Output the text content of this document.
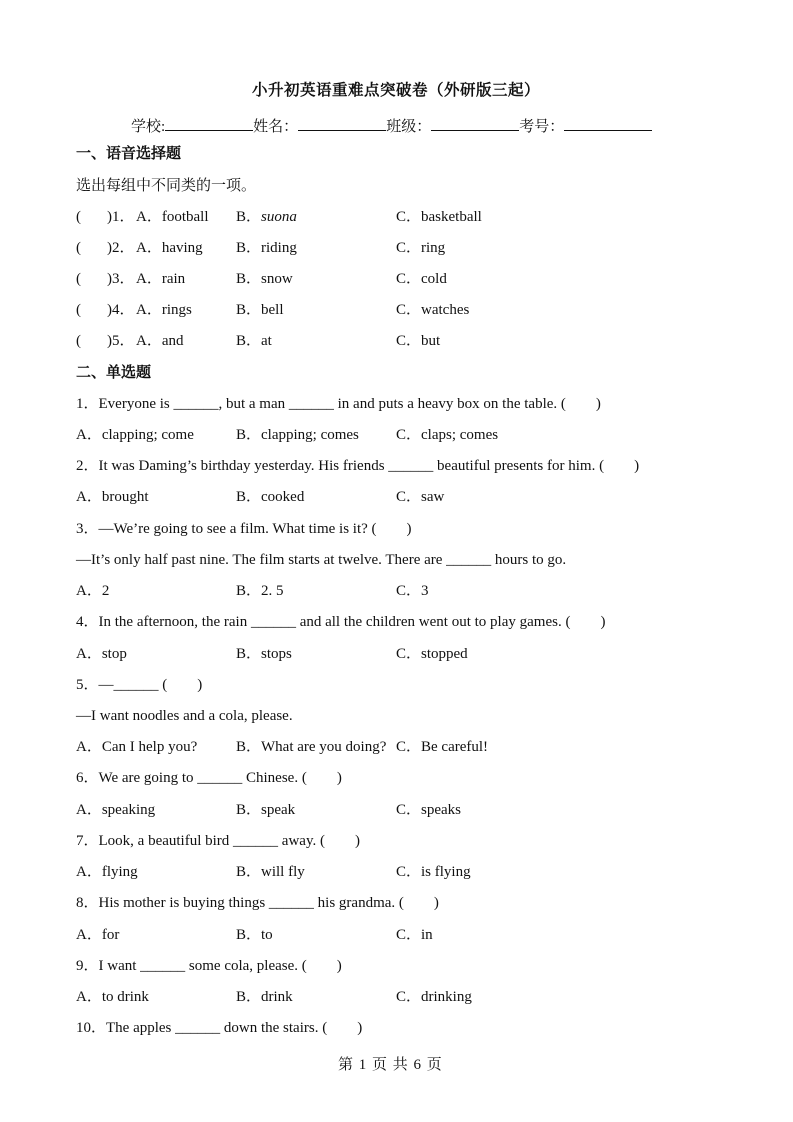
小升初英语重难点突破卷（外研版三起）
学校:	姓名：	班级：	考号：
一、语音选择题
选出每组中不同类的一项。
( )1． A．football B．suona	C．basketball
( )2． A．having B．riding	C．ring
( )3． A．rain	B．snow	C．cold
( )4． A．rings	B．bell	C．watches
( )5． A．and	B．at	C．but
二、单选题
1．Everyone is ______, but a man ______ in and puts a heavy box on the table. (　　)
A．clapping; come	B．clapping; comes C．claps; comes
2．It was Daming’s birthday yesterday. His friends ______ beautiful presents for him. (　　)
A．brought	B．cooked	C．saw
3．—We’re going to see a film. What time is it? (　　)
—It’s only half past nine. The film starts at twelve. There are ______ hours to go.
A．2	B．2. 5	C．3
4．In the afternoon, the rain ______ and all the children went out to play games. (　　)
A．stop	B．stops	C．stopped
5．—______ (　　)
—I want noodles and a cola, please.
A．Can I help you?	B．What are you doing? C．Be careful!
6．We are going to ______ Chinese. (　　)
A．speaking	B．speak	C．speaks
7．Look, a beautiful bird ______ away. (　　)
A．flying	B．will fly	C．is flying
8．His mother is buying things ______ his grandma. (　　)
A．for	B．to	C．in
9．I want ______ some cola, please. (　　)
A．to drink	B．drink	C．drinking
10．The apples ______ down the stairs. (　　)
第 1 页 共 6 页
